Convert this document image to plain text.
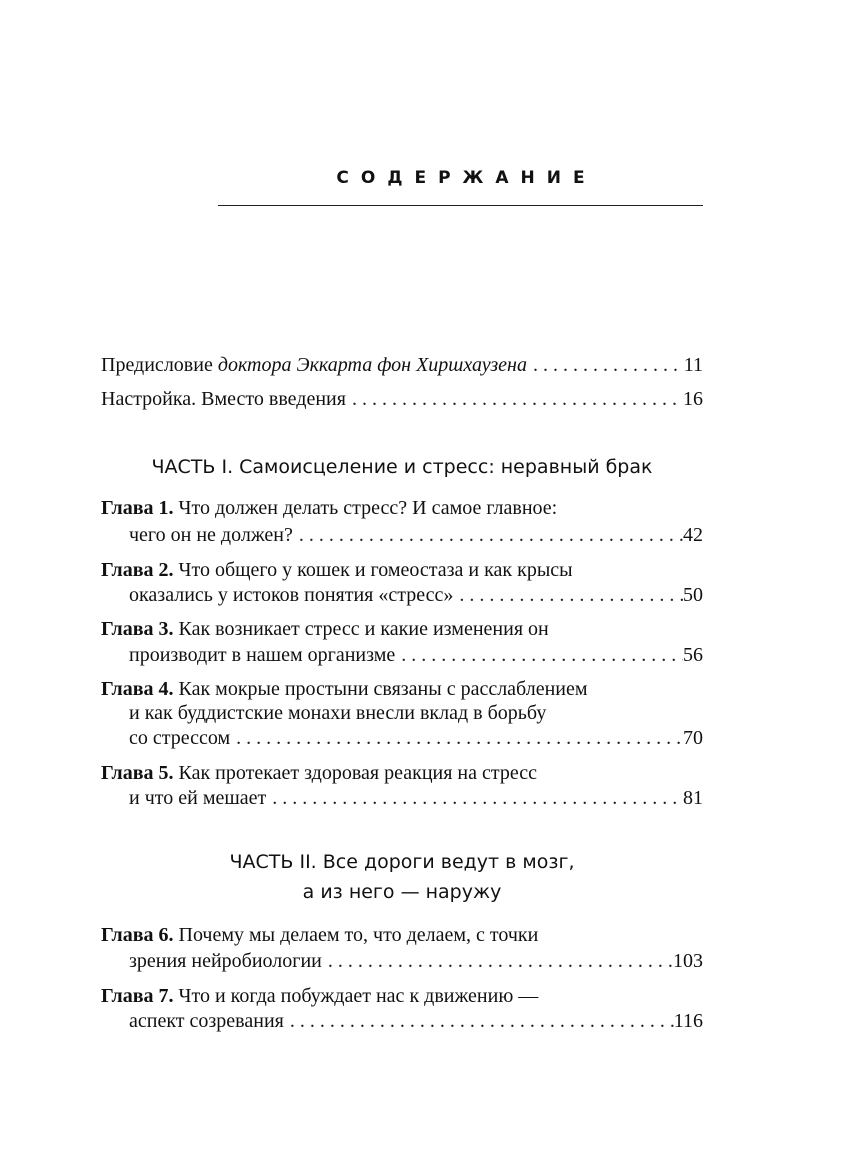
СОДЕРЖАНИЕ
Предисловие доктора Эккарта фон Хиршхаузена . . .	11
Настройка. Вместо введения . . .	16
ЧАСТЬ I. Самоисцеление и стресс: неравный брак
Глава 1. Что должен делать стресс? И самое главное:
чего он не должен? . . .	42
Глава 2. Что общего у кошек и гомеостаза и как крысы
оказались у истоков понятия «стресс» . . .	50
Глава 3. Как возникает стресс и какие изменения он
производит в нашем организме . . .	56
Глава 4. Как мокрые простыни связаны с расслаблением
и как буддистские монахи внесли вклад в борьбу
со стрессом . . .	70
Глава 5. Как протекает здоровая реакция на стресс
и что ей мешает . . .	81
ЧАСТЬ II. Все дороги ведут в мозг,
а из него — наружу
Глава 6. Почему мы делаем то, что делаем, с точки
зрения нейробиологии . . .	103
Глава 7. Что и когда побуждает нас к движению —
аспект созревания . . .	116
